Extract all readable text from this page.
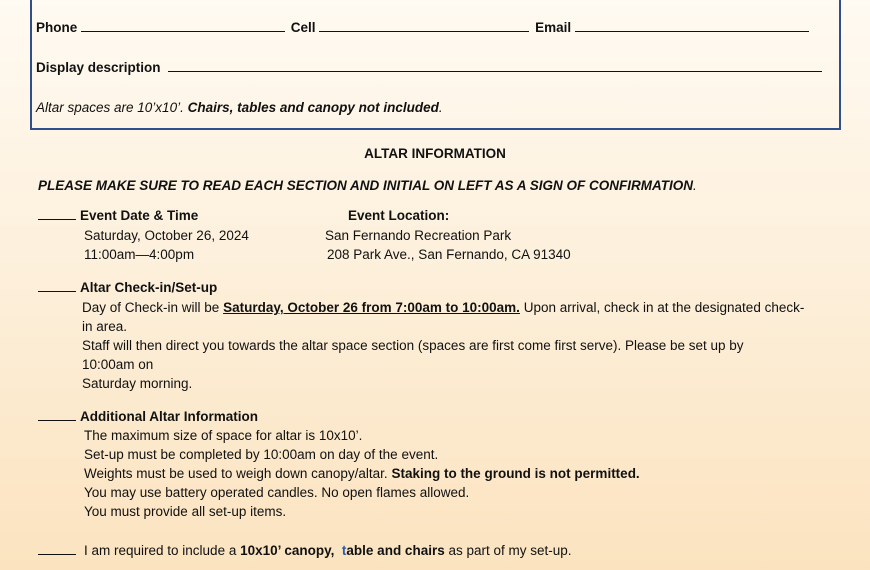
Phone	Cell	Email
Display description
Altar spaces are 10’x10’. Chairs, tables and canopy not included.
ALTAR INFORMATION
PLEASE MAKE SURE TO READ EACH SECTION AND INITIAL ON LEFT AS A SIGN OF CONFIRMATION.
Event Date & Time	Event Location:
Saturday, October 26, 2024	San Fernando Recreation Park
11:00am—4:00pm	208 Park Ave., San Fernando, CA 91340
Altar Check-in/Set-up
Day of Check-in will be Saturday, October 26 from 7:00am to 10:00am. Upon arrival, check in at the designated check-
in area.
Staff will then direct you towards the altar space section (spaces are first come first serve). Please be set up by
10:00am on
Saturday morning.
Additional Altar Information
The maximum size of space for altar is 10x10’.
Set-up must be completed by 10:00am on day of the event.
Weights must be used to weigh down canopy/altar. Staking to the ground is not permitted.
You may use battery operated candles. No open flames allowed.
You must provide all set-up items.
I am required to include a 10x10’ canopy, table and chairs as part of my set-up.
